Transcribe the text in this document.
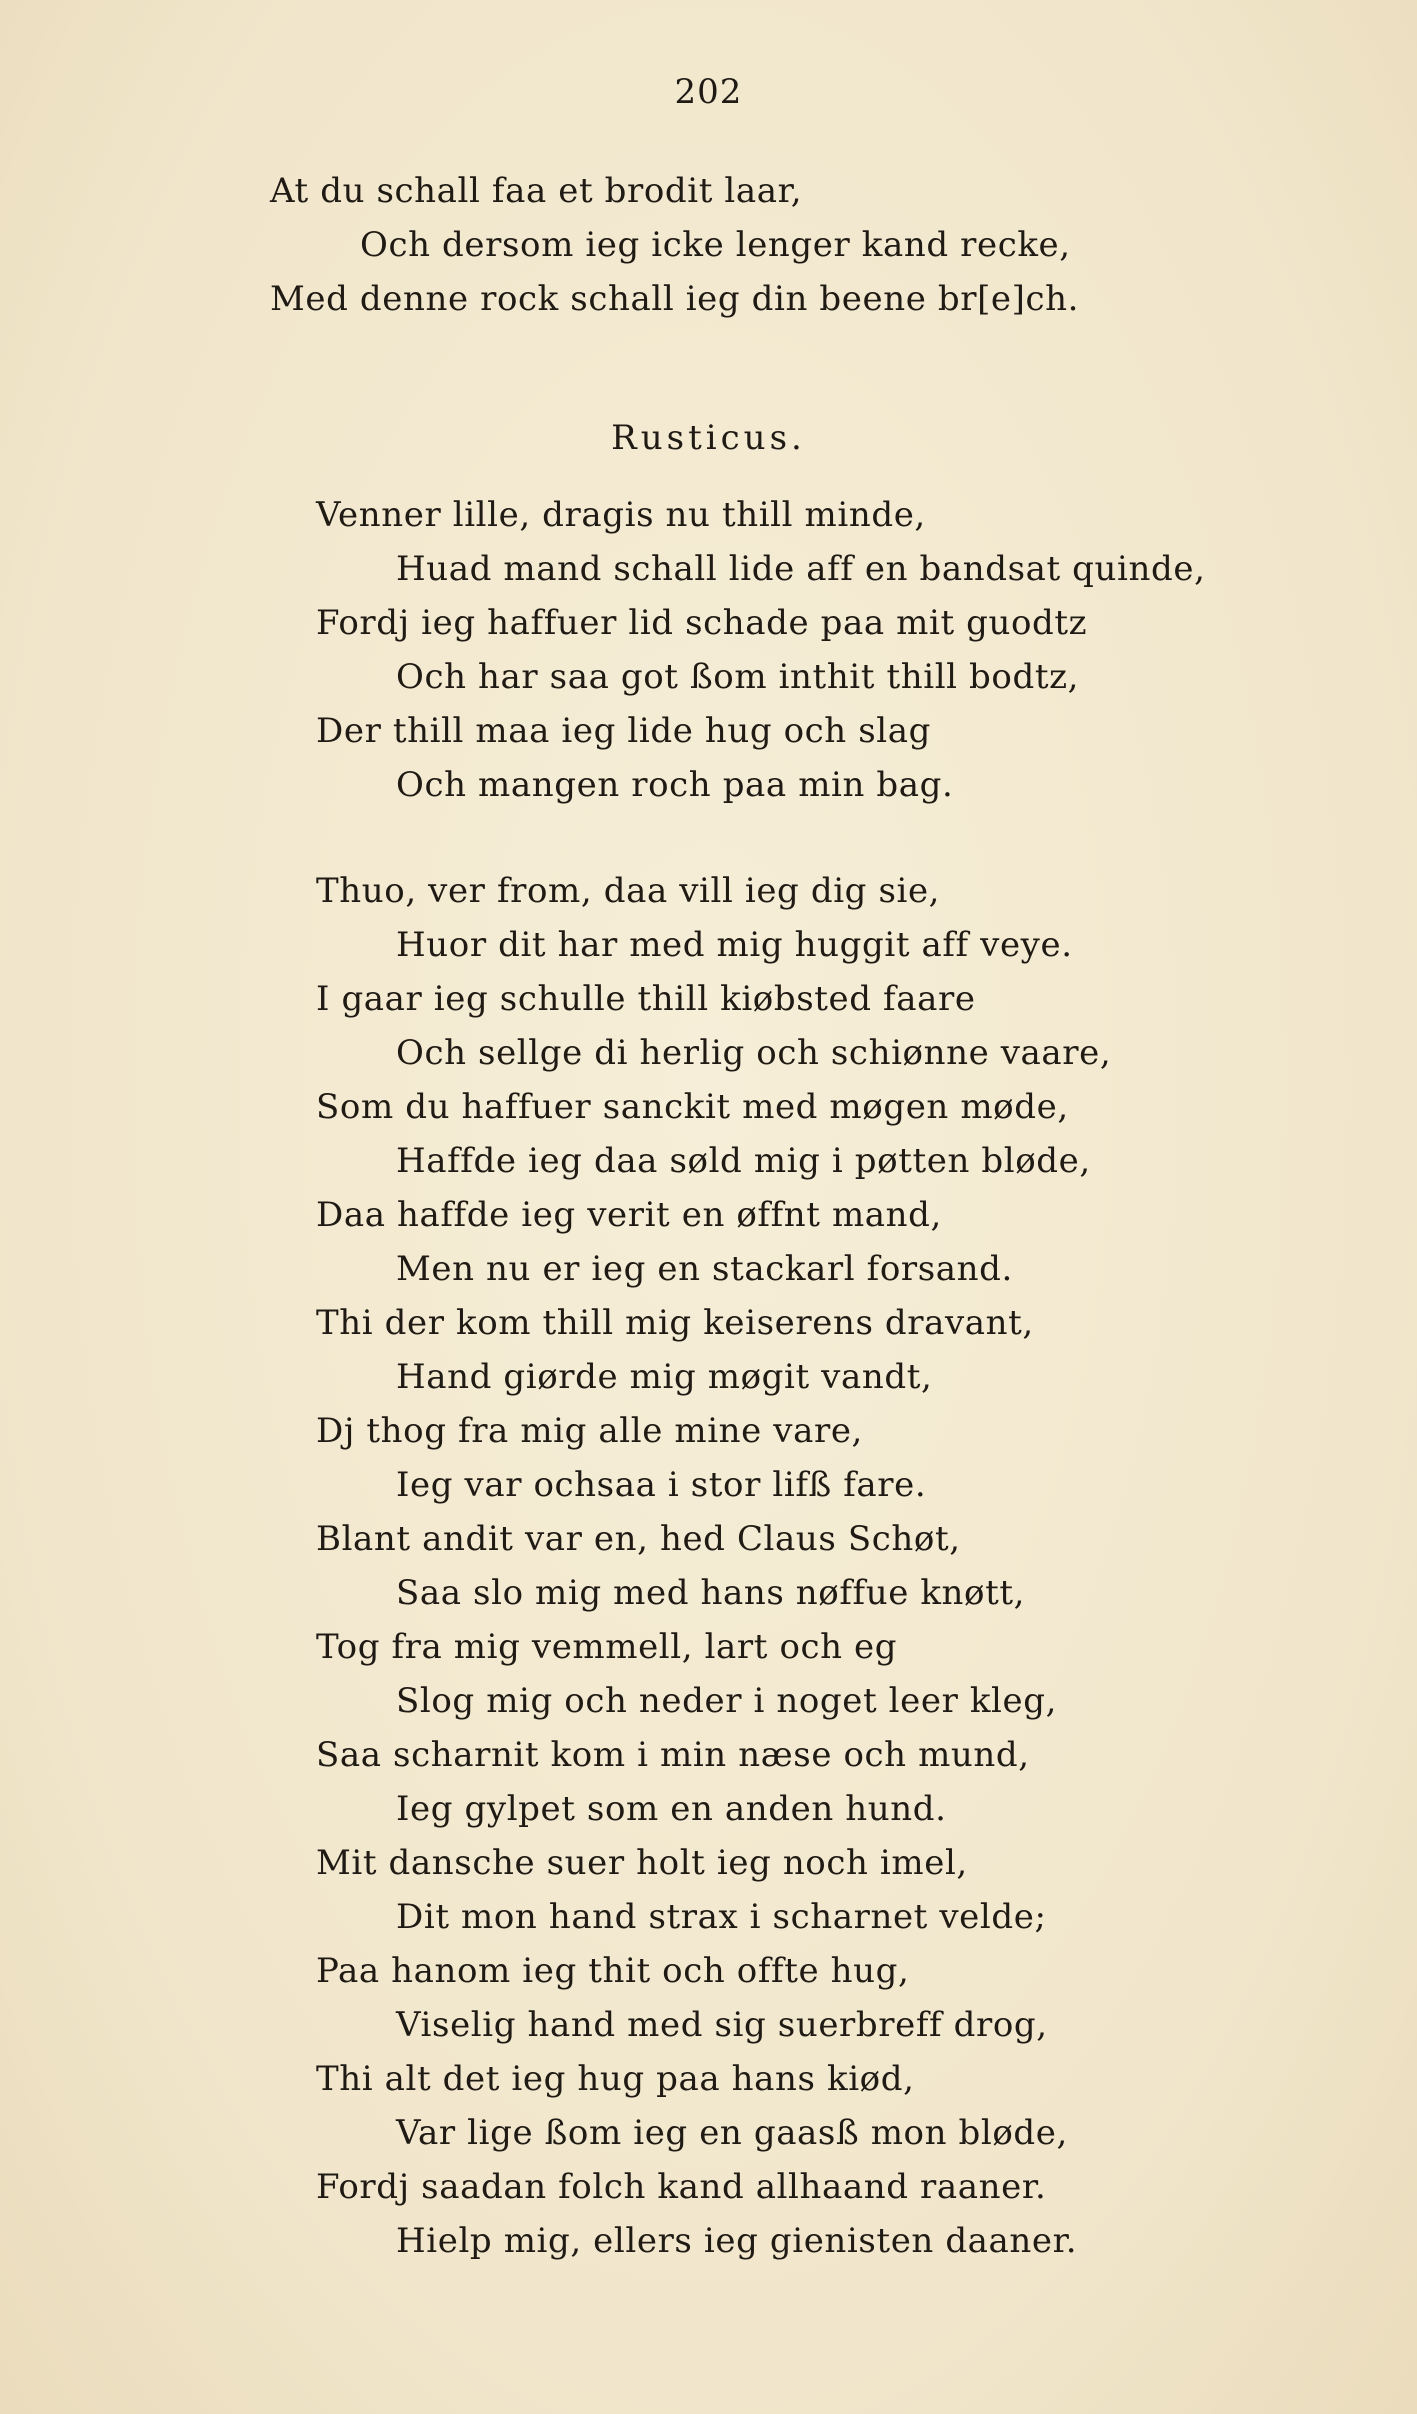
202
At du schall faa et brodit laar,
Och dersom ieg icke lenger kand recke,
Med denne rock schall ieg din beene br[e]ch.
Rusticus.
Venner lille, dragis nu thill minde,
Huad mand schall lide aff en bandsat quinde,
Fordj ieg haffuer lid schade paa mit guodtz
Och har saa got ßom inthit thill bodtz,
Der thill maa ieg lide hug och slag
Och mangen roch paa min bag.
Thuo, ver from, daa vill ieg dig sie,
Huor dit har med mig huggit aff veye.
I gaar ieg schulle thill kiøbsted faare
Och sellge di herlig och schiønne vaare,
Som du haffuer sanckit med møgen møde,
Haffde ieg daa søld mig i pøtten bløde,
Daa haffde ieg verit en øffnt mand,
Men nu er ieg en stackarl forsand.
Thi der kom thill mig keiserens dravant,
Hand giørde mig møgit vandt,
Dj thog fra mig alle mine vare,
Ieg var ochsaa i stor lifß fare.
Blant andit var en, hed Claus Schøt,
Saa slo mig med hans nøffue knøtt,
Tog fra mig vemmell, lart och eg
Slog mig och neder i noget leer kleg,
Saa scharnit kom i min næse och mund,
Ieg gylpet som en anden hund.
Mit dansche suer holt ieg noch imel,
Dit mon hand strax i scharnet velde;
Paa hanom ieg thit och offte hug,
Viselig hand med sig suerbreff drog,
Thi alt det ieg hug paa hans kiød,
Var lige ßom ieg en gaasß mon bløde,
Fordj saadan folch kand allhaand raaner.
Hielp mig, ellers ieg gienisten daaner.
